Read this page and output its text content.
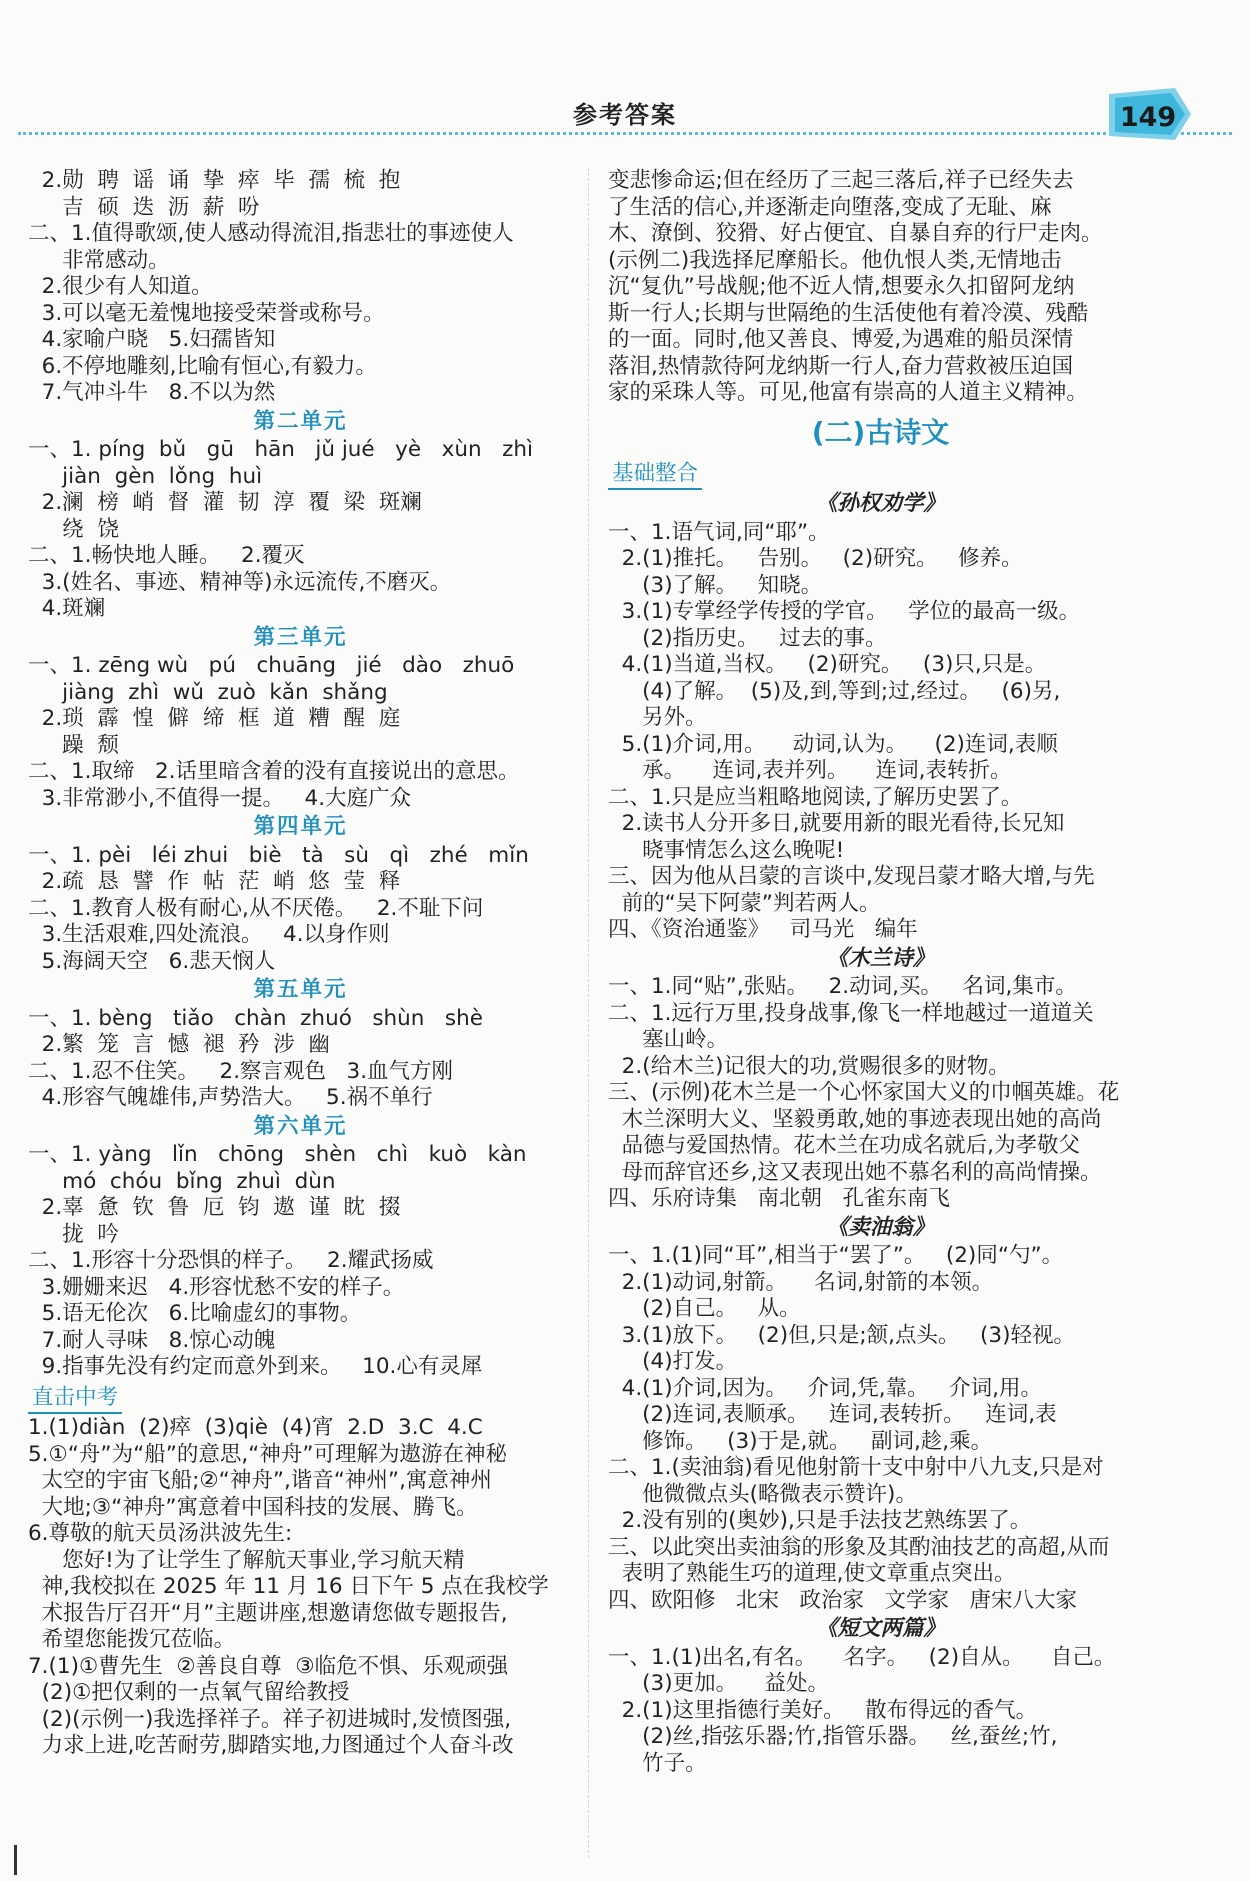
参考答案	149
2.勋  聘  谣  诵  挚  瘁  毕  孺  梳  抱
吉  硕  迭  沥  薪  吩
二、1.值得歌颂,使人感动得流泪,指悲壮的事迹使人
非常感动。
2.很少有人知道。
3.可以毫无羞愧地接受荣誉或称号。
4.家喻户晓   5.妇孺皆知
6.不停地雕刻,比喻有恒心,有毅力。
7.气冲斗牛   8.不以为然
第二单元
一、1. píng  bǔ   gū   hān   jǔ jué   yè   xùn   zhì
jiàn  gèn  lǒng  huì
2.澜  榜  峭  督  灌  韧  淳  覆  梁  斑斓
绕  饶
二、1.畅快地人睡。   2.覆灭
3.(姓名、事迹、精神等)永远流传,不磨灭。
4.斑斓
第三单元
一、1. zēng wù   pú   chuāng   jié   dào   zhuō
jiàng  zhì  wǔ  zuò  kǎn  shǎng
2.琐  霹  惶  僻  缔  框  道  糟  醒  庭
躁  颓
二、1.取缔   2.话里暗含着的没有直接说出的意思。
3.非常渺小,不值得一提。   4.大庭广众
第四单元
一、1. pèi   léi zhui   biè   tà   sù   qì   zhé   mǐn
2.疏  恳  譬  作  帖  茫  峭  悠  莹  释
二、1.教育人极有耐心,从不厌倦。   2.不耻下问
3.生活艰难,四处流浪。   4.以身作则
5.海阔天空   6.悲天悯人
第五单元
一、1. bèng   tiǎo   chàn  zhuó   shùn   shè
2.繁  笼  言  憾  褪  矜  涉  幽
二、1.忍不住笑。   2.察言观色   3.血气方刚
4.形容气魄雄伟,声势浩大。   5.祸不单行
第六单元
一、1. yàng   lǐn   chōng   shèn   chì   kuò   kàn
mó  chóu  bǐng  zhuì  dùn
2.辜  惫  钦  鲁  厄  钧  遨  谨  眈  掇
拢  吟
二、1.形容十分恐惧的样子。   2.耀武扬威
3.姗姗来迟   4.形容忧愁不安的样子。
5.语无伦次   6.比喻虚幻的事物。
7.耐人寻味   8.惊心动魄
9.指事先没有约定而意外到来。   10.心有灵犀
直击中考
1.(1)diàn  (2)瘁  (3)qiè  (4)宵  2.D  3.C  4.C
5.①“舟”为“船”的意思,“神舟”可理解为遨游在神秘
太空的宇宙飞船;②“神舟”,谐音“神州”,寓意神州
大地;③“神舟”寓意着中国科技的发展、腾飞。
6.尊敬的航天员汤洪波先生:
您好!为了让学生了解航天事业,学习航天精
神,我校拟在 2025 年 11 月 16 日下午 5 点在我校学
术报告厅召开“月”主题讲座,想邀请您做专题报告,
希望您能拨冗莅临。
7.(1)①曹先生  ②善良自尊  ③临危不惧、乐观顽强
(2)①把仅剩的一点氧气留给教授
(2)(示例一)我选择祥子。祥子初进城时,发愤图强,
力求上进,吃苦耐劳,脚踏实地,力图通过个人奋斗改
变悲惨命运;但在经历了三起三落后,祥子已经失去
了生活的信心,并逐渐走向堕落,变成了无耻、麻
木、潦倒、狡猾、好占便宜、自暴自弃的行尸走肉。
(示例二)我选择尼摩船长。他仇恨人类,无情地击
沉“复仇”号战舰;他不近人情,想要永久扣留阿龙纳
斯一行人;长期与世隔绝的生活使他有着冷漠、残酷
的一面。同时,他又善良、博爱,为遇难的船员深情
落泪,热情款待阿龙纳斯一行人,奋力营救被压迫国
家的采珠人等。可见,他富有崇高的人道主义精神。
(二)古诗文
基础整合
《孙权劝学》
一、1.语气词,同“耶”。
2.(1)推托。   告别。   (2)研究。   修养。
(3)了解。   知晓。
3.(1)专掌经学传授的学官。   学位的最高一级。
(2)指历史。   过去的事。
4.(1)当道,当权。   (2)研究。   (3)只,只是。
(4)了解。  (5)及,到,等到;过,经过。   (6)另,
另外。
5.(1)介词,用。    动词,认为。    (2)连词,表顺
承。    连词,表并列。    连词,表转折。
二、1.只是应当粗略地阅读,了解历史罢了。
2.读书人分开多日,就要用新的眼光看待,长兄知
晓事情怎么这么晚呢!
三、因为他从吕蒙的言谈中,发现吕蒙才略大增,与先
前的“吴下阿蒙”判若两人。
四、《资治通鉴》   司马光   编年
《木兰诗》
一、1.同“贴”,张贴。   2.动词,买。   名词,集市。
二、1.远行万里,投身战事,像飞一样地越过一道道关
塞山岭。
2.(给木兰)记很大的功,赏赐很多的财物。
三、(示例)花木兰是一个心怀家国大义的巾帼英雄。花
木兰深明大义、坚毅勇敢,她的事迹表现出她的高尚
品德与爱国热情。花木兰在功成名就后,为孝敬父
母而辞官还乡,这又表现出她不慕名利的高尚情操。
四、乐府诗集   南北朝   孔雀东南飞
《卖油翁》
一、1.(1)同“耳”,相当于“罢了”。   (2)同“勺”。
2.(1)动词,射箭。    名词,射箭的本领。
(2)自己。   从。
3.(1)放下。   (2)但,只是;颔,点头。   (3)轻视。
(4)打发。
4.(1)介词,因为。   介词,凭,靠。   介词,用。
(2)连词,表顺承。   连词,表转折。   连词,表
修饰。   (3)于是,就。   副词,趁,乘。
二、1.(卖油翁)看见他射箭十支中射中八九支,只是对
他微微点头(略微表示赞许)。
2.没有别的(奥妙),只是手法技艺熟练罢了。
三、以此突出卖油翁的形象及其酌油技艺的高超,从而
表明了熟能生巧的道理,使文章重点突出。
四、欧阳修   北宋   政治家   文学家   唐宋八大家
《短文两篇》
一、1.(1)出名,有名。    名字。   (2)自从。    自己。
(3)更加。    益处。
2.(1)这里指德行美好。   散布得远的香气。
(2)丝,指弦乐器;竹,指管乐器。   丝,蚕丝;竹,
竹子。
